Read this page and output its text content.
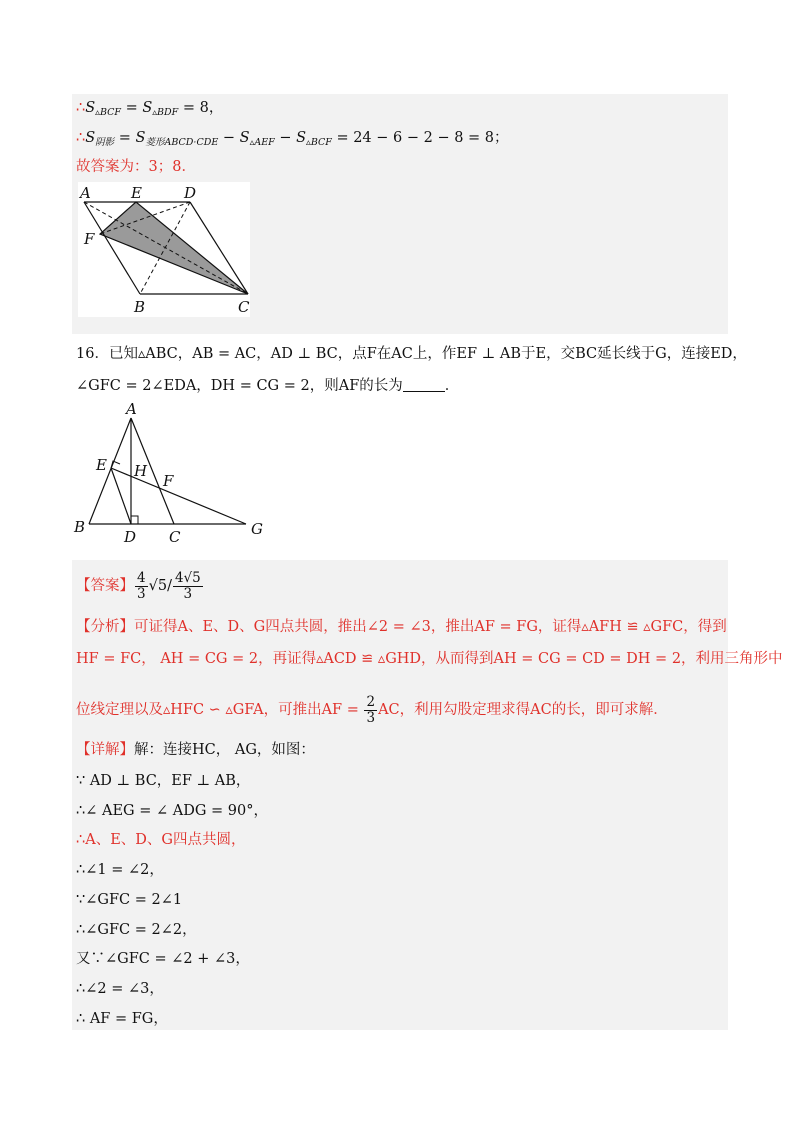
$\therefore S_{▵BCF} = S_{▵BDF} = 8$，
$\therefore S_{阴影} = S_{菱形ABCD\cdot CDE} - S_{▵AEF} - S_{▵BCF} = 24 - 6 - 2 - 8 = 8$；
故答案为：3；8．
A	E	D
F
B	C
16．已知▵ABC，AB = AC，AD ⊥ BC，点F在AC上，作EF ⊥ AB于E，交BC延长线于G，连接ED，
∠GFC = 2∠EDA，DH = CG = 2，则AF的长为	．
A
E H
F
B
D C	G
【答案】 $\frac{4}{3} √5/ \frac{4√5}{3}$
【分析】可证得A、E、D、G四点共圆，推出∠2 = ∠3，推出AF = FG，证得▵AFH ≌ ▵GFC，得到
HF = FC， AH = CG = 2，再证得▵ACD ≌ ▵GHD，从而得到AH = CG = CD = DH = 2，利用三角形中
位线定理以及▵HFC ∽ ▵GFA，可推出AF = $\frac{2}{3}$ AC，利用勾股定理求得AC的长，即可求解．
【详解】解：连接HC， AG，如图：
∵ AD ⊥ BC，EF ⊥ AB，
∴∠ AEG = ∠ ADG = 90°，
∴A、E、D、G四点共圆，
∴∠1 = ∠2，
∵∠GFC = 2∠1
∴∠GFC = 2∠2，
又∵∠GFC = ∠2 + ∠3，
∴∠2 = ∠3，
∴ AF = FG，
